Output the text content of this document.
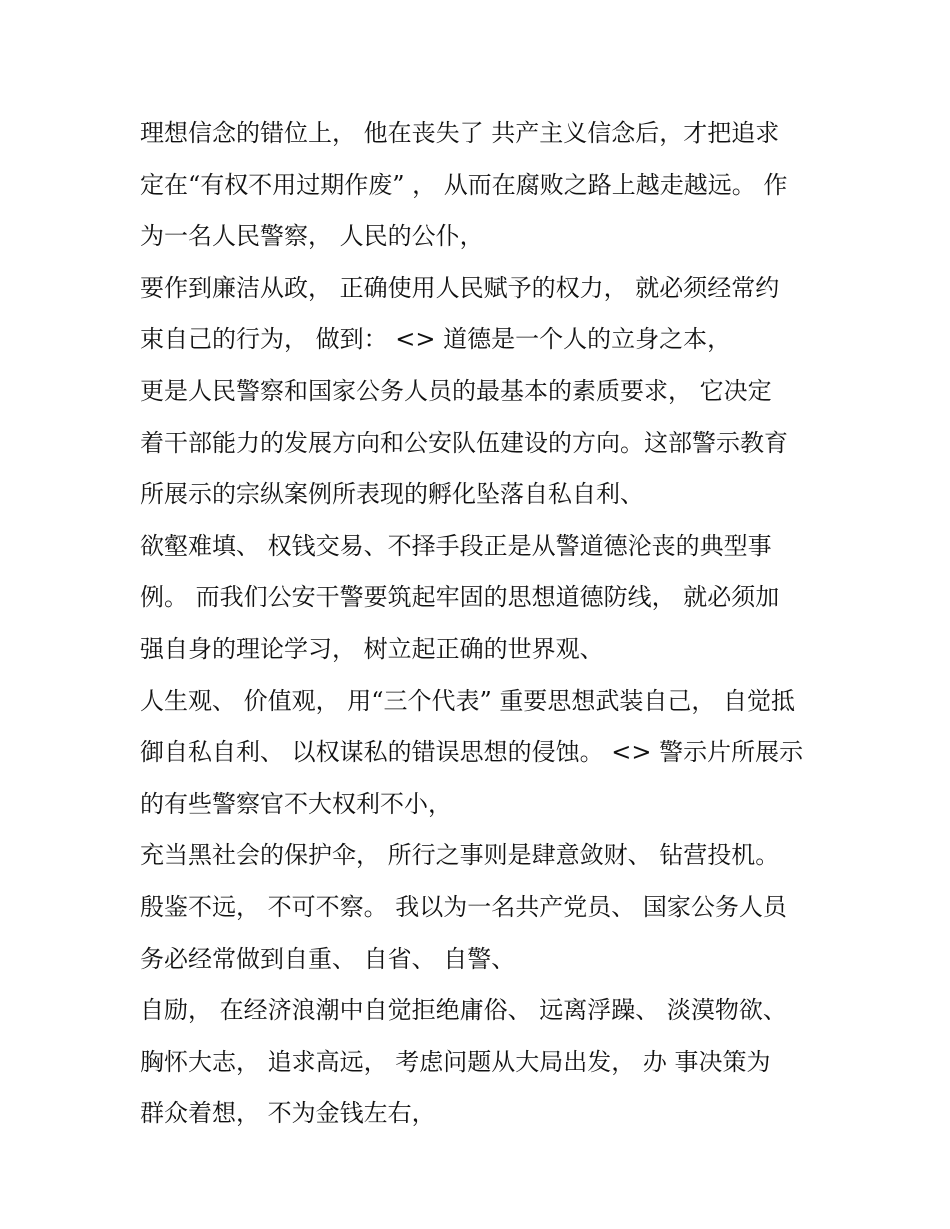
理想信念的错位上， 他在丧失了 共产主义信念后，才把追求
定在“有权不用过期作废” ， 从而在腐败之路上越走越远。 作
为一名人民警察， 人民的公仆，
要作到廉洁从政， 正确使用人民赋予的权力， 就必须经常约
束自己的行为， 做到： <> 道德是一个人的立身之本，
更是人民警察和国家公务人员的最基本的素质要求， 它决定
着干部能力的发展方向和公安队伍建设的方向。这部警示教育
所展示的宗纵案例所表现的孵化坠落自私自利、
欲壑难填、 权钱交易、不择手段正是从警道德沦丧的典型事
例。 而我们公安干警要筑起牢固的思想道德防线， 就必须加
强自身的理论学习， 树立起正确的世界观、
人生观、 价值观， 用“三个代表” 重要思想武装自己， 自觉抵
御自私自利、 以权谋私的错误思想的侵蚀。 <> 警示片所展示
的有些警察官不大权利不小，
充当黑社会的保护伞， 所行之事则是肆意敛财、 钻营投机。
殷鉴不远， 不可不察。 我以为一名共产党员、 国家公务人员
务必经常做到自重、 自省、 自警、
自励， 在经济浪潮中自觉拒绝庸俗、 远离浮躁、 淡漠物欲、
胸怀大志， 追求高远， 考虑问题从大局出发， 办 事决策为
群众着想， 不为金钱左右，
